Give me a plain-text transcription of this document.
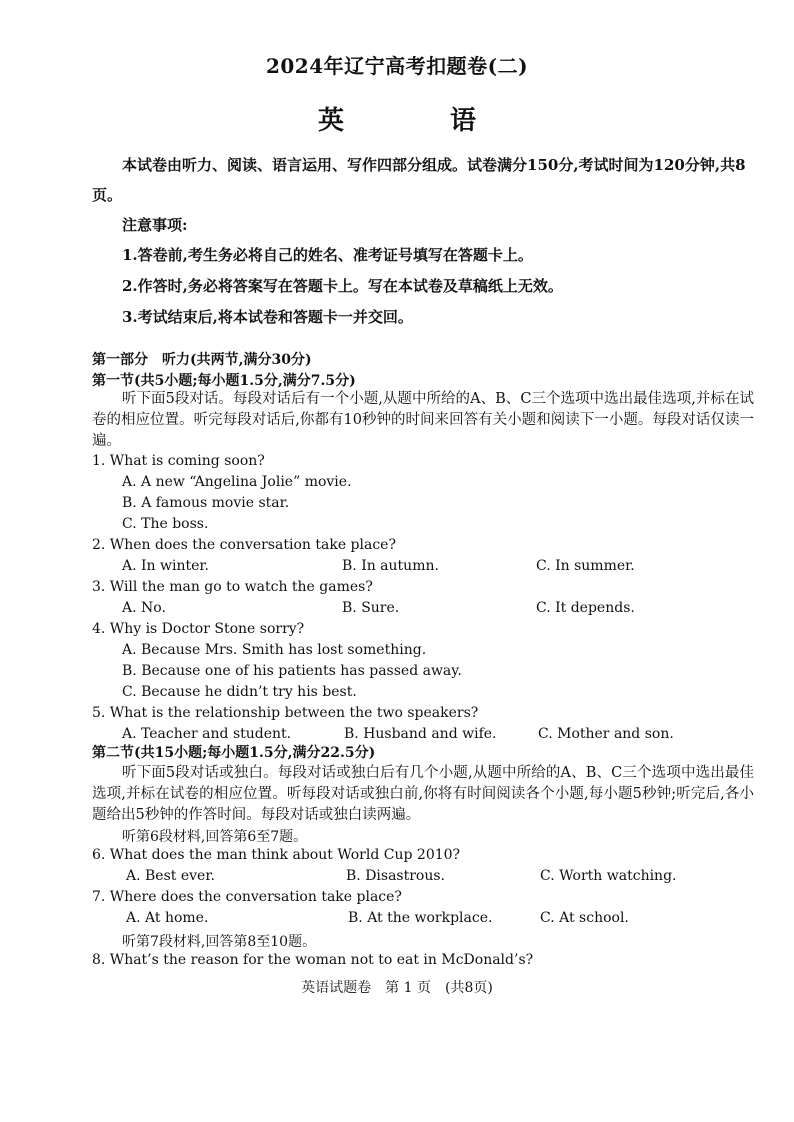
2024年辽宁高考扣题卷(二)
英　语

本试卷由听力、阅读、语言运用、写作四部分组成。试卷满分150分,考试时间为120分钟,共8页。

注意事项:
1.答卷前,考生务必将自己的姓名、准考证号填写在答题卡上。
2.作答时,务必将答案写在答题卡上。写在本试卷及草稿纸上无效。
3.考试结束后,将本试卷和答题卡一并交回。
第一部分　听力(共两节,满分30分)
第一节(共5小题;每小题1.5分,满分7.5分)
听下面5段对话。每段对话后有一个小题,从题中所给的A、B、C三个选项中选出最佳选项,并标在试卷的相应位置。听完每段对话后,你都有10秒钟的时间来回答有关小题和阅读下一小题。每段对话仅读一遍。
1. What is coming soon?
A. A new “Angelina Jolie” movie.
B. A famous movie star.
C. The boss.
2. When does the conversation take place?
A. In winter.	B. In autumn.	C. In summer.
3. Will the man go to watch the games?
A. No.	B. Sure.	C. It depends.
4. Why is Doctor Stone sorry?
A. Because Mrs. Smith has lost something.
B. Because one of his patients has passed away.
C. Because he didn’t try his best.
5. What is the relationship between the two speakers?
A. Teacher and student.	B. Husband and wife.	C. Mother and son.
第二节(共15小题;每小题1.5分,满分22.5分)
听下面5段对话或独白。每段对话或独白后有几个小题,从题中所给的A、B、C三个选项中选出最佳选项,并标在试卷的相应位置。听每段对话或独白前,你将有时间阅读各个小题,每小题5秒钟;听完后,各小题给出5秒钟的作答时间。每段对话或独白读两遍。
听第6段材料,回答第6至7题。
6. What does the man think about World Cup 2010?
A. Best ever.	B. Disastrous.	C. Worth watching.
7. Where does the conversation take place?
A. At home.	B. At the workplace.	C. At school.
听第7段材料,回答第8至10题。
8. What’s the reason for the woman not to eat in McDonald’s?
英语试题卷　第 1 页　(共8页)
